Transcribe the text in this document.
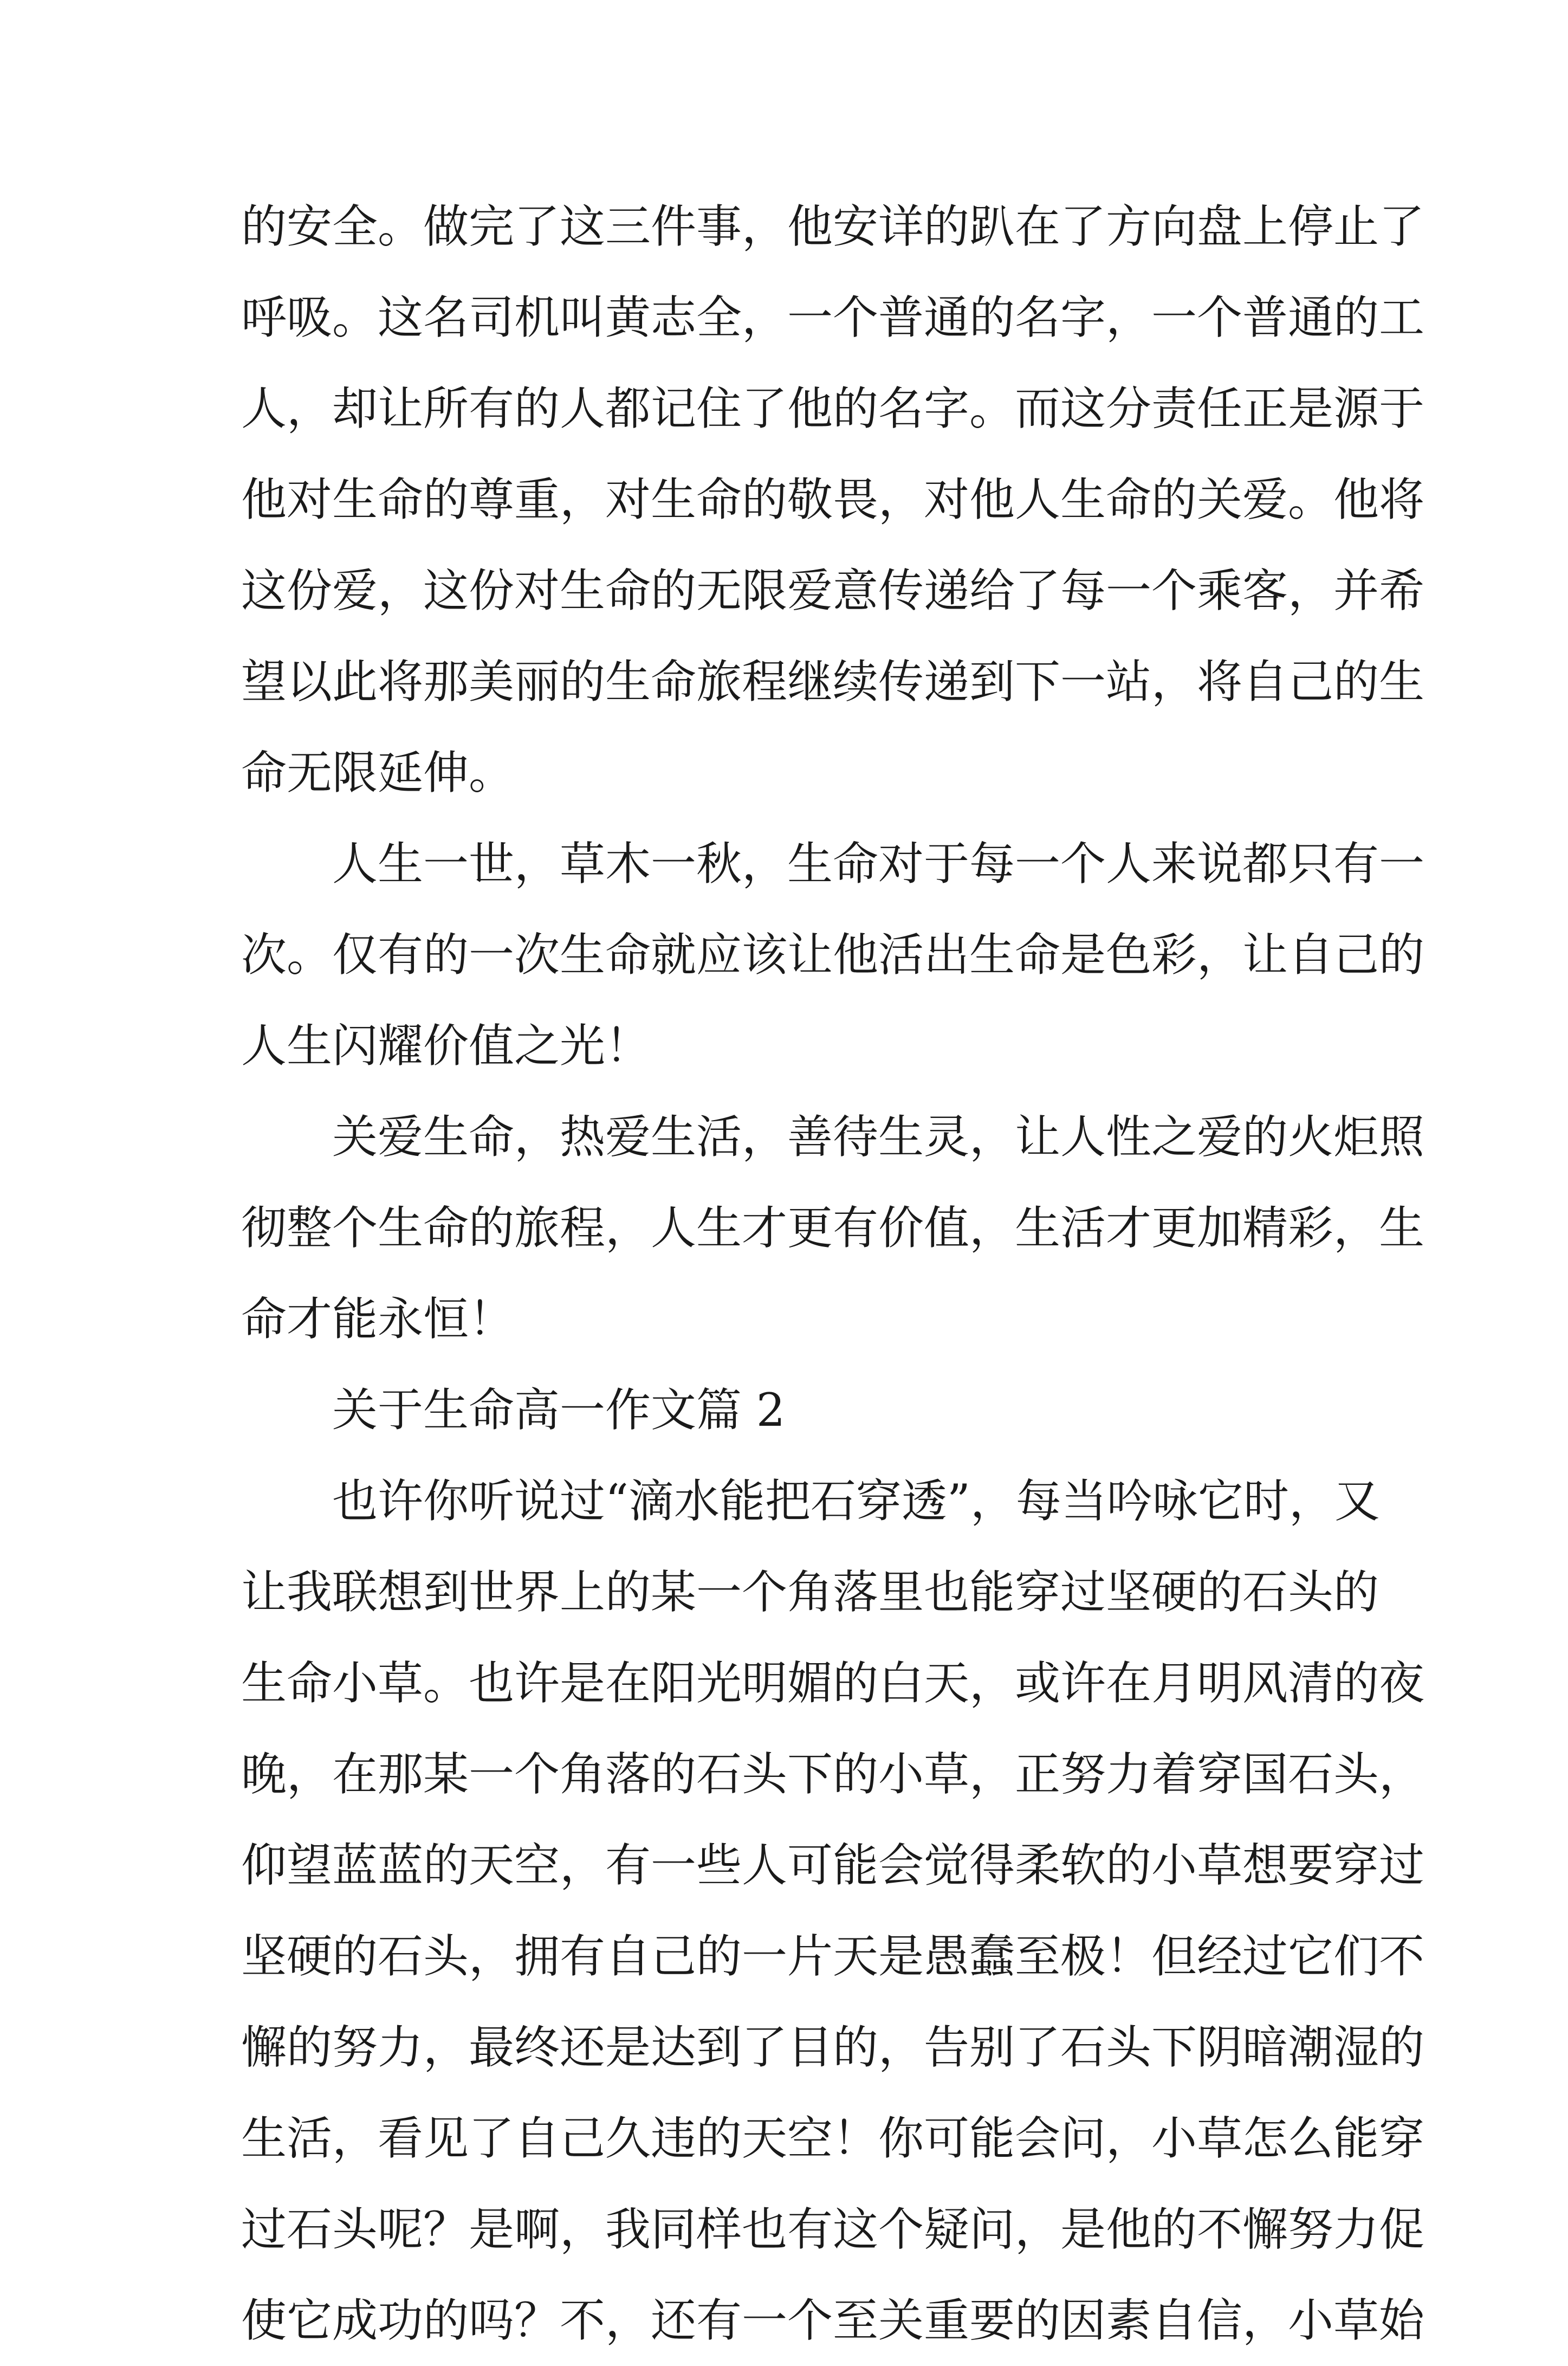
的安全。做完了这三件事，他安详的趴在了方向盘上停止了
呼吸。这名司机叫黄志全，一个普通的名字，一个普通的工
人，却让所有的人都记住了他的名字。而这分责任正是源于
他对生命的尊重，对生命的敬畏，对他人生命的关爱。他将
这份爱，这份对生命的无限爱意传递给了每一个乘客，并希
望以此将那美丽的生命旅程继续传递到下一站，将自己的生
命无限延伸。
人生一世，草木一秋，生命对于每一个人来说都只有一
次。仅有的一次生命就应该让他活出生命是色彩，让自己的
人生闪耀价值之光！
关爱生命，热爱生活，善待生灵，让人性之爱的火炬照
彻整个生命的旅程，人生才更有价值，生活才更加精彩，生
命才能永恒！
关于生命高一作文篇 2
也许你听说过“滴水能把石穿透”，每当吟咏它时，又
让我联想到世界上的某一个角落里也能穿过坚硬的石头的
生命小草。也许是在阳光明媚的白天，或许在月明风清的夜
晚，在那某一个角落的石头下的小草，正努力着穿国石头，
仰望蓝蓝的天空，有一些人可能会觉得柔软的小草想要穿过
坚硬的石头，拥有自己的一片天是愚蠢至极！但经过它们不
懈的努力，最终还是达到了目的，告别了石头下阴暗潮湿的
生活，看见了自己久违的天空！你可能会问，小草怎么能穿
过石头呢？是啊，我同样也有这个疑问，是他的不懈努力促
使它成功的吗？不，还有一个至关重要的因素自信，小草始
